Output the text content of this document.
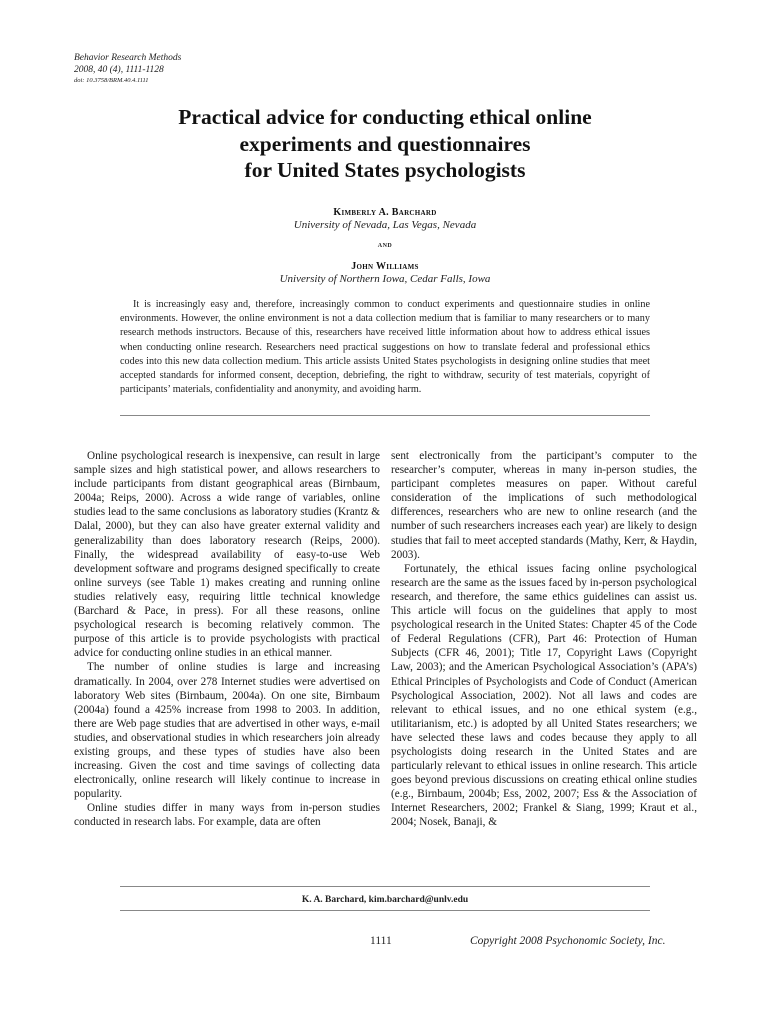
Behavior Research Methods
2008, 40 (4), 1111-1128
doi: 10.3758/BRM.40.4.1111
Practical advice for conducting ethical online
experiments and questionnaires
for United States psychologists
Kimberly A. Barchard
University of Nevada, Las Vegas, Nevada
and
John Williams
University of Northern Iowa, Cedar Falls, Iowa

It is increasingly easy and, therefore, increasingly common to conduct experiments and questionnaire studies in online environments. However, the online environment is not a data collection medium that is familiar to many researchers or to many research methods instructors. Because of this, researchers have received little information about how to address ethical issues when conducting online research. Researchers need practical suggestions on how to translate federal and professional ethics codes into this new data collection medium. This article assists United States psychologists in designing online studies that meet accepted standards for informed consent, deception, debriefing, the right to withdraw, security of test materials, copyright of participants’ materials, confidentiality and anonymity, and avoiding harm.

Online psychological research is inexpensive, can result in large sample sizes and high statistical power, and allows researchers to include participants from distant geographical areas (Birnbaum, 2004a; Reips, 2000). Across a wide range of variables, online studies lead to the same conclusions as laboratory studies (Krantz & Dalal, 2000), but they can also have greater external validity and generalizability than does laboratory research (Reips, 2000). Finally, the widespread availability of easy-to-use Web development software and programs designed specifically to create online surveys (see Table 1) makes creating and running online studies relatively easy, requiring little technical knowledge (Barchard & Pace, in press). For all these reasons, online psychological research is becoming relatively common. The purpose of this article is to provide psychologists with practical advice for conducting online studies in an ethical manner.

The number of online studies is large and increasing dramatically. In 2004, over 278 Internet studies were advertised on laboratory Web sites (Birnbaum, 2004a). On one site, Birnbaum (2004a) found a 425% increase from 1998 to 2003. In addition, there are Web page studies that are advertised in other ways, e-mail studies, and observational studies in which researchers join already existing groups, and these types of studies have also been increasing. Given the cost and time savings of collecting data electronically, online research will likely continue to increase in popularity.

Online studies differ in many ways from in-person studies conducted in research labs. For example, data are often

sent electronically from the participant’s computer to the researcher’s computer, whereas in many in-person studies, the participant completes measures on paper. Without careful consideration of the implications of such methodological differences, researchers who are new to online research (and the number of such researchers increases each year) are likely to design studies that fail to meet accepted standards (Mathy, Kerr, & Haydin, 2003).

Fortunately, the ethical issues facing online psychological research are the same as the issues faced by in-person psychological research, and therefore, the same ethics guidelines can assist us. This article will focus on the guidelines that apply to most psychological research in the United States: Chapter 45 of the Code of Federal Regulations (CFR), Part 46: Protection of Human Subjects (CFR 46, 2001); Title 17, Copyright Laws (Copyright Law, 2003); and the American Psychological Association’s (APA’s) Ethical Principles of Psychologists and Code of Conduct (American Psychological Association, 2002). Not all laws and codes are relevant to ethical issues, and no one ethical system (e.g., utilitarianism, etc.) is adopted by all United States researchers; we have selected these laws and codes because they apply to all psychologists doing research in the United States and are particularly relevant to ethical issues in online research. This article goes beyond previous discussions on creating ethical online studies (e.g., Birnbaum, 2004b; Ess, 2002, 2007; Ess & the Association of Internet Researchers, 2002; Frankel & Siang, 1999; Kraut et al., 2004; Nosek, Banaji, &

K. A. Barchard, kim.barchard@unlv.edu
1111	Copyright 2008 Psychonomic Society, Inc.
